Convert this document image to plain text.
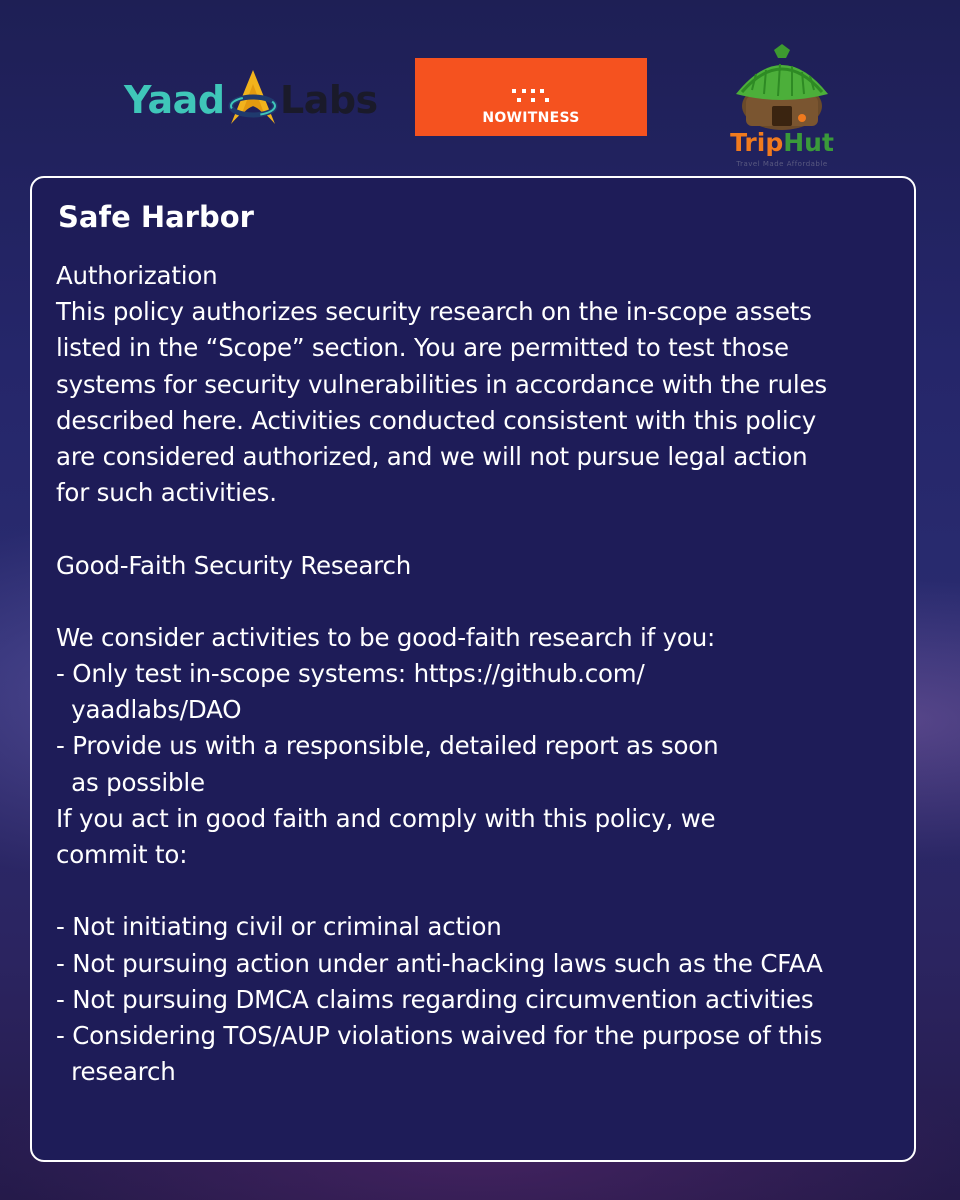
Yaad Labs	NOWITNESS
TripHut
Travel Made Affordable
Safe Harbor
Authorization
This policy authorizes security research on the in-scope assets
listed in the “Scope” section. You are permitted to test those
systems for security vulnerabilities in accordance with the rules
described here. Activities conducted consistent with this policy
are considered authorized, and we will not pursue legal action
for such activities.
Good-Faith Security Research
We consider activities to be good-faith research if you:
- Only test in-scope systems: https://github.com/
yaadlabs/DAO
- Provide us with a responsible, detailed report as soon
as possible
If you act in good faith and comply with this policy, we
commit to:
- Not initiating civil or criminal action
- Not pursuing action under anti-hacking laws such as the CFAA
- Not pursuing DMCA claims regarding circumvention activities
- Considering TOS/AUP violations waived for the purpose of this
research
